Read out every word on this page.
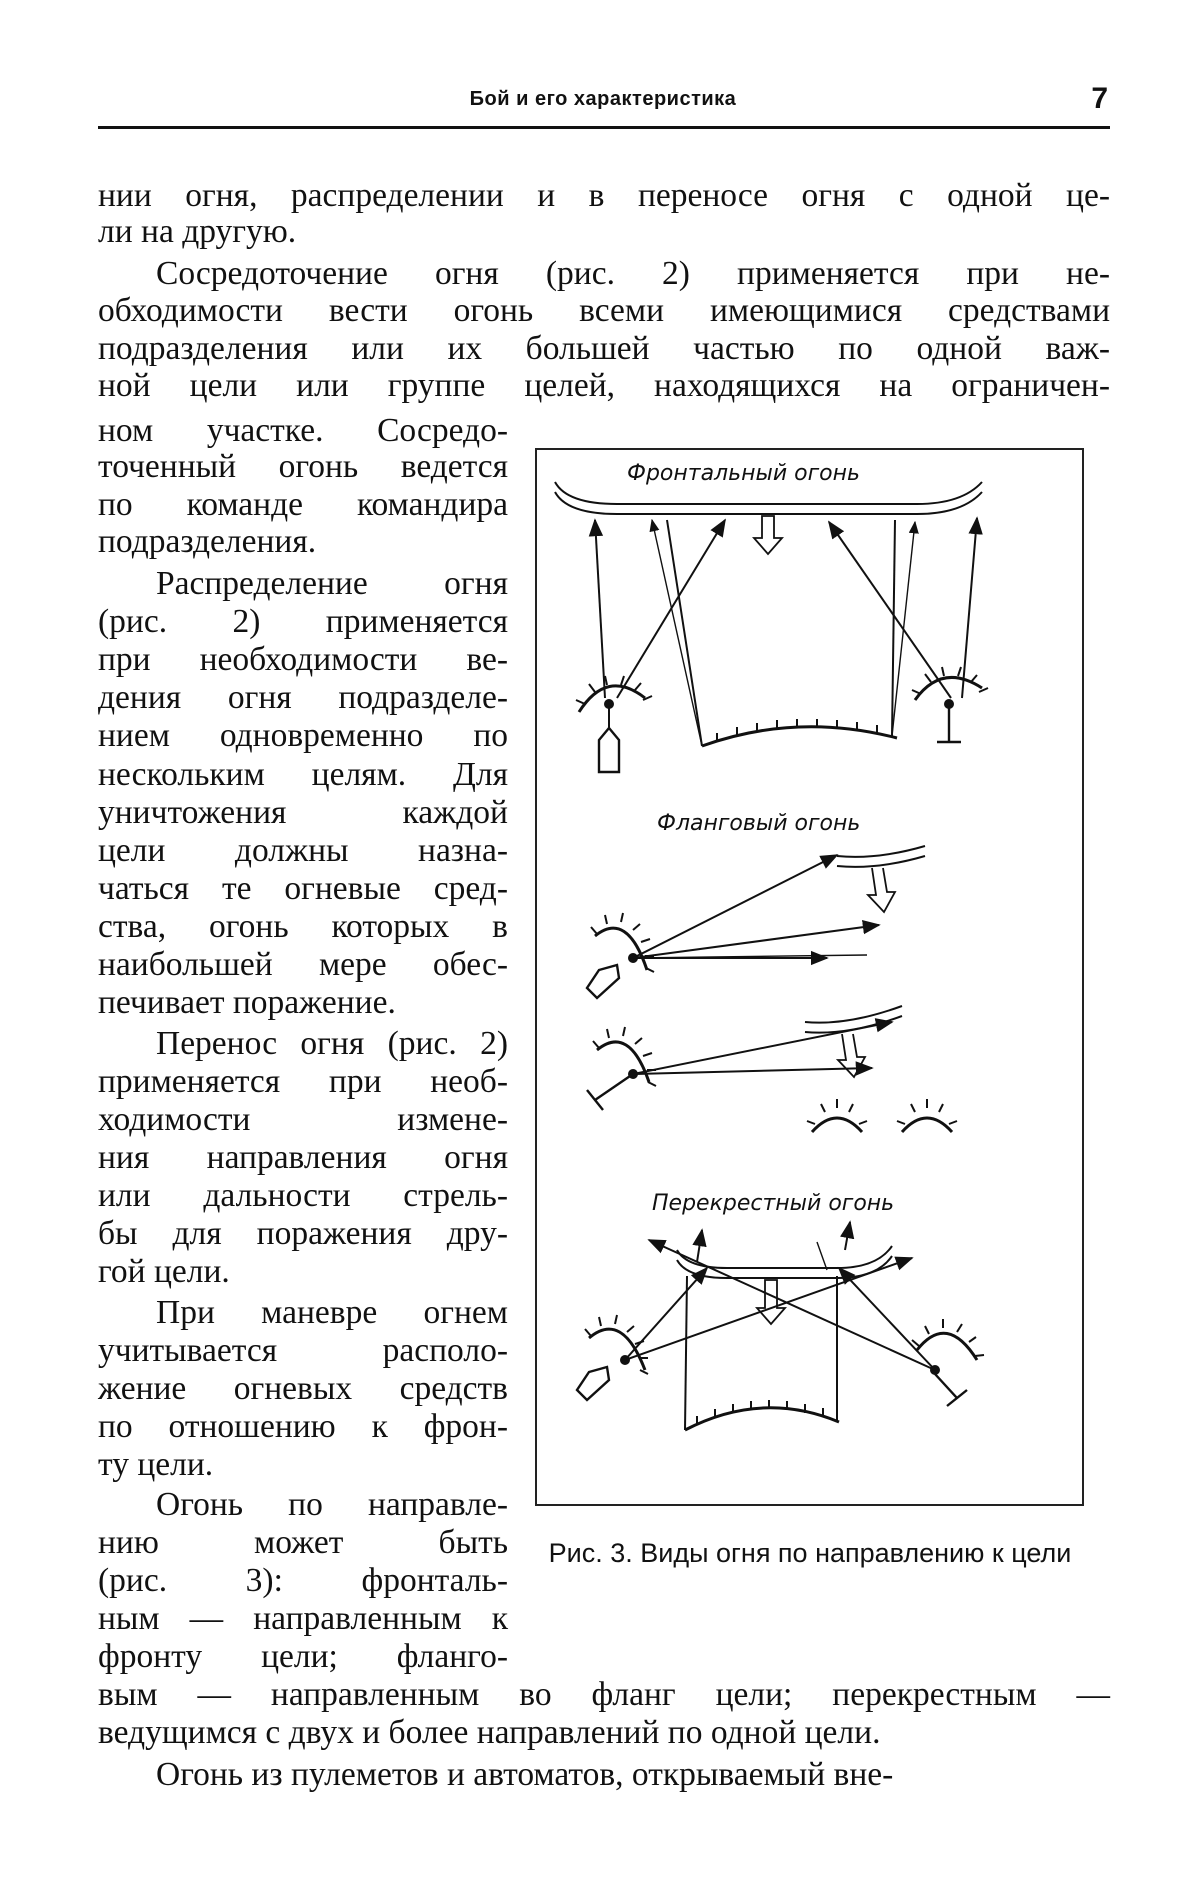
Бой и его характеристика	7
нии огня, распределении и в переносе огня с одной це-
ли на другую.
Сосредоточение огня (рис. 2) применяется при не-
обходимости вести огонь всеми имеющимися средствами
подразделения или их большей частью по одной важ-
ной цели или группе целей, находящихся на ограничен-
ном участке. Сосредо-
точенный огонь ведется
по команде командира
подразделения.
Распределение огня
(рис. 2) применяется
при необходимости ве-
дения огня подразделе-
нием одновременно по
нескольким целям. Для
уничтожения каждой
цели должны назна-
чаться те огневые сред-
ства, огонь которых в
наибольшей мере обес-
печивает поражение.
Перенос огня (рис. 2)
применяется при необ-
ходимости измене-
ния направления огня
или дальности стрель-
бы для поражения дру-
гой цели.
При маневре огнем
учитывается располо-
жение огневых средств
по отношению к фрон-
ту цели.
Огонь по направле-
нию может быть
(рис. 3): фронталь-
ным — направленным к
фронту цели; фланго-
вым — направленным во фланг цели; перекрестным —
ведущимся с двух и более направлений по одной цели.
Огонь из пулеметов и автоматов, открываемый вне-
Фронтальный огонь
Фланговый огонь
Перекрестный огонь
Рис. 3. Виды огня по направлению к цели
